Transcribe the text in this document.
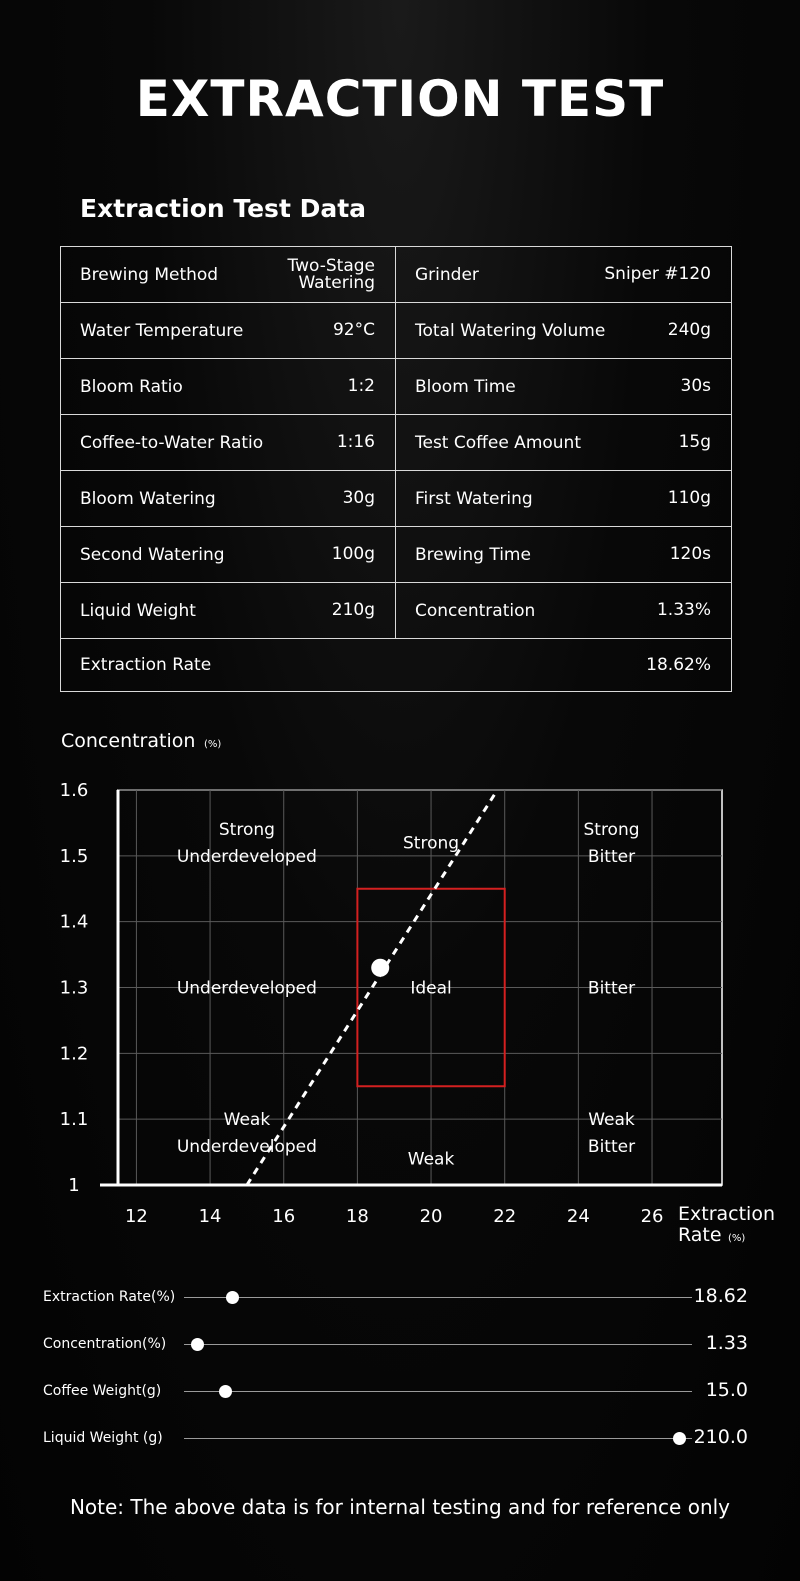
EXTRACTION TEST
Extraction Test Data
Brewing Method Two-Stage Watering	Grinder Sniper #120

Water Temperature 92°C	Total Watering Volume 240g

Bloom Ratio 1:2	Bloom Time 30s

Coffee-to-Water Ratio 1:16	Test Coffee Amount 15g

Bloom Watering 30g	First Watering 110g

Second Watering 100g	Brewing Time 120s

Liquid Weight 210g	Concentration 1.33%

Extraction Rate 18.62%	
12	14	16	18	20	22	24	26
1
1.1
1.2
1.3
1.4
1.5
1.6
Concentration (%)
Extraction
Rate (%)
Strong
Underdeveloped
Strong
Strong
Bitter
Underdeveloped	Ideal	Bitter
Weak
Underdeveloped
Weak
Weak
Bitter
Extraction Rate(%)	18.62
Concentration(%)	1.33
Coffee Weight(g)	15.0
Liquid Weight (g)	210.0
Note: The above data is for internal testing and for reference only
